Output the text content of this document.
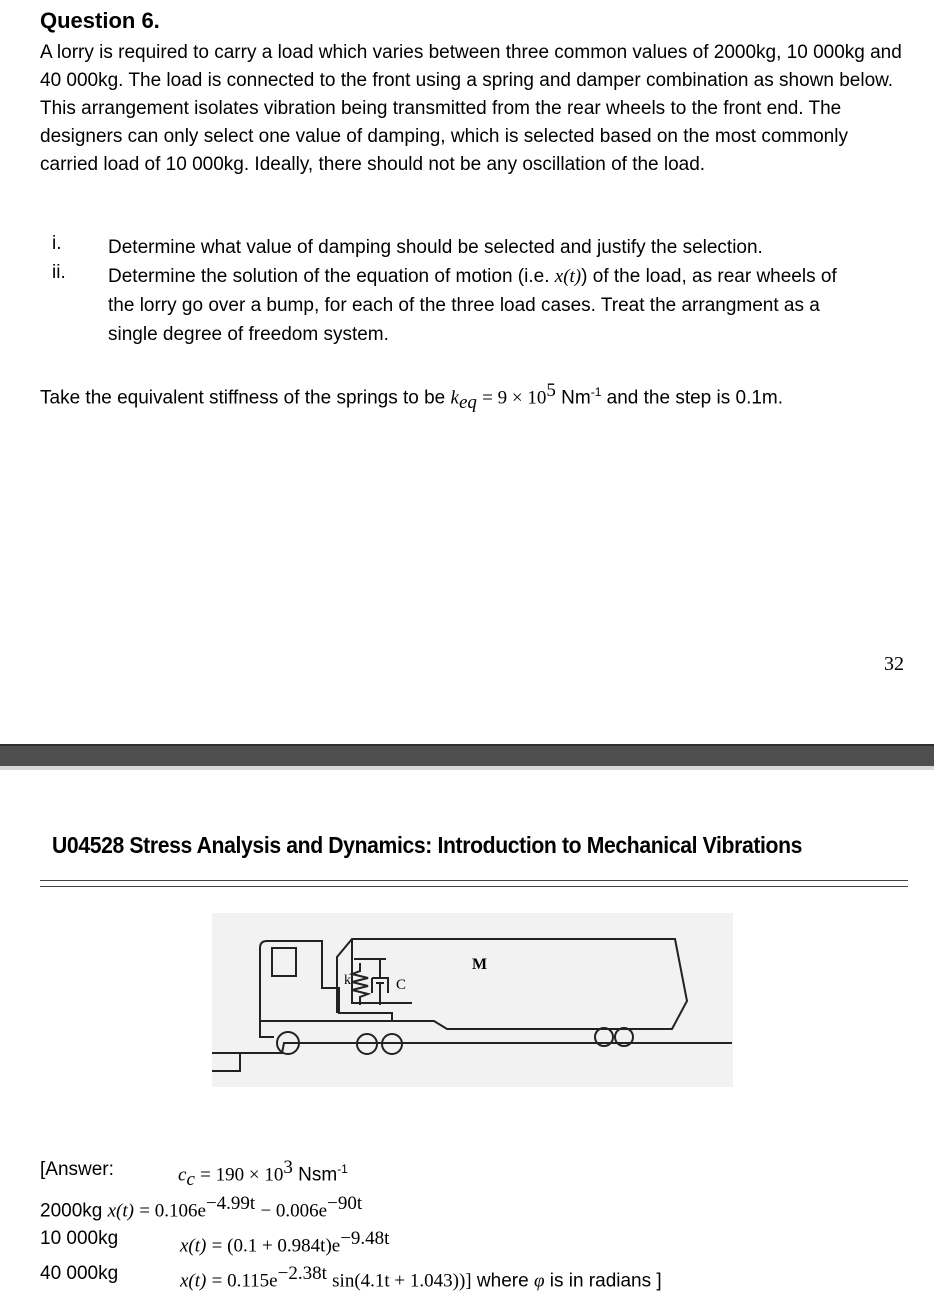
Question 6.

A lorry is required to carry a load which varies between three common values of 2000kg, 10 000kg and 40 000kg. The load is connected to the front using a spring and damper combination as shown below. This arrangement isolates vibration being transmitted from the rear wheels to the front end. The designers can only select one value of damping, which is selected based on the most commonly carried load of 10 000kg. Ideally, there should not be any oscillation of the load.

i. Determine what value of damping should be selected and justify the selection.

ii. Determine the solution of the equation of motion (i.e. x(t)) of the load, as rear wheels of the lorry go over a bump, for each of the three load cases. Treat the arrangment as a single degree of freedom system.

Take the equivalent stiffness of the springs to be $k_{eq} = 9 \times 10^5$ $Nm^{-1}$ and the step is 0.1m.
32
U04528 Stress Analysis and Dynamics: Introduction to Mechanical Vibrations
k	C
M
[Answer:	$c_c = 190 \times 10^3$ Nsm$^{-1}$
2000kg $x(t) = 0.106e^{-4.99t} - 0.006e^{-90t}$
10 000kg	$x(t) = (0.1 + 0.984t)e^{-9.48t}$
40 000kg	$x(t) = 0.115e^{-2.38t}$ sin(4.1t + 1.043))] where φ is in radians ]
